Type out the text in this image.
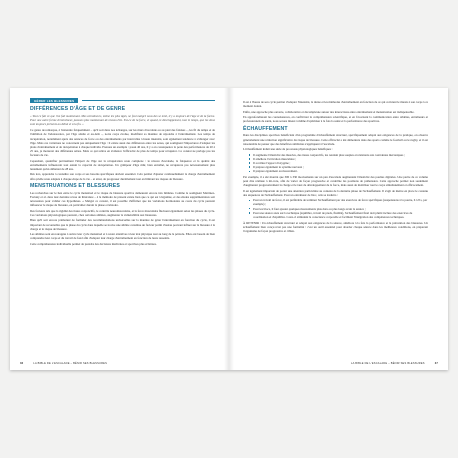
GÉRER LES BLESSURES
DIFFÉRENCES D'ÂGE ET DE GENRE

« Tout ce fait ce que l'on fait maintenant. Mes entraîneurs, même les plus âgés, ne font malgré nous des se miel, il y a toujours de l'âge et de la forme. Pour une autre forme d'entraîneur, passons plus maintenant de niveau être. Est-ce de la force, et quand, le développement, tout le temps, que les deux sont toujours présents au début et à la fin. »

Ce genre de remarque, à l'entendre fréquemment – qu'il soit dans nos échanges, sur les murs d'escalade ou au pied des falaises –, les fil du temps et de l'ambition de l'adolescence, par l'âge adulte et au-delà –, notre corps évolue, modifiant sa manière de répondre à l'entraînement. Les temps de récupération, notamment après des séances de force ou des entraînements par intervalles à haute intensité, sont également tendance à s'allonger avec l'âge. Mais ces variations ne concernent pas uniquement l'âge : il existe aussi des différences entre les sexes, qui soulignent l'importance d'adapter les plans d'entraînement et de récupération à chaque individu. Prenons un exemple : passé 40 ans, il y a en conséquence la perte des performances de 20 à 25 ans, je monterai des différentes séries. Mais ce qui relève en évidence l'efficacité de plus de temps pour récupérer. Ce constat ne parlage pas les facteurs de vie.

Cependant, quantifier précisément l'impact de l'âge sur la récupération reste complexe : le niveau d'escalade, la fréquence et la qualité des entraînements influencent tout autant la capacité de récupération. Un grimpeur d'âge mûr, bien entraîné, ne récupérera pas nécessairement plus lentement qu'un débutant de 28 ans.

Dès lors, apprendre à connaître son corps et ses besoins spécifiques devient essentiel. Cela permet d'ajuster continuellement la charge d'entraînement afin qu'elle reste adaptée à chaque étape de la vie – et ainsi, de progresser durablement tout en limitant les risques de blessure.

MENSTRUATIONS ET BLESSURES

Les recherches sur le lien entre le cycle menstruel et le risque de blessure sportive demeurent encore très limitées. Comme le soulignent Martinez-Fortuny et al. dans leur dernière revue de littérature – à la mémoire de présent existe bien que ce qui est à légumée, et des études supplémentaires soit nécessaires pour valider ces hypothèses. « Malgré ce constat, il est possible d'affirmer que les variations hormonales au cours du cycle peuvent influencer le risque de blessure, en particulier durant la phase ovulatoire.

Des facteurs tels que la rigidité des tissus conjonctifs, le contrôle neuromusculaire, et la force musculaire fluctuent également selon les phases du cycle. Ces variations physiologiques peuvent, chez certaines athlètes, augmenter la vulnérabilité aux blessures.

Bien qu'il soit encore prématuré de formuler des recommandations universelles sur la manière de gérer l'entraînement en fonction du cycle, il est important de reconnaître que la phase du cycle dans laquelle se trouve une athlète constitue un facteur parmi d'autres pouvant influer sur la blessure à la charge et le risque de blessure.

Les athlètes sont encouragées à suivre leur cycle menstruel et à rester attentives à leur état physique tout au long de la période. Elles ont besoin de bien comprendre leur corps et du travail de fond afin d'adapter leur charge d'entraînement en fonction de leurs ressentis.

Cette compréhension individuelle permet de prendre des décisions médicales et sportives plus éclairées.

36	LA BIBLE DE L'ESCALADE – BÉNIR SES BLESSURES

Il est à l'heure de son cycle permet d'adapter l'intensité, la durée et les méthodes d'entraînement en fonction de ce qui convient le mieux à son corps à ce moment donné.

Enfin, une approche plus ouverte, collaborative et décomplexée autour des interactions entre entraînement et menstruation est indispensable.

En approfondissant les connaissances, en conflictant la compréhension scientifique, et en favorisant la communication entre athlètes, entraîneurs et professionnels de santé, nous serons mieux à même d'optimiser à la fois la santé et la performance des sportives.

ÉCHAUFFEMENT

Dans les disciplines sportives bénéficiant d'un programme d'échauffement structuré, spécifiquement adapté aux exigences de la pratique, on observe généralement une réduction significative du risque de blessure. Cette efficacité a été démontrée dans des sports comme le football ou le rugby, et il est raisonnable de penser que des bénéfices similaires s'appliquent à l'escalade.

L'échauffement induit une série de processus physiologiques bénéfiques :

Il augmente l'élasticité des muscles, des tissus conjonctifs, les rendant plus souples et résistants aux contraintes mécaniques ;
Il améliore l'activation musculaire ;
Il accélère l'apport d'oxygène ;
Il prépare également le système nerveux ;
Il prépare également au mouvement.

Par exemple, il a été montré que 300 à 330 mouvements sur un pan d'escalade augmentent l'élasticité des poulies digitales. Une partie de ce volume peut être réalisée à mi-voie, afin de varier de façon progressive et contrôlée les positions de préhension. Cette approche permet non seulement d'augmenter progressivement la charge et le taux de développement de la force, mais aussi de mobiliser tout le corps simultanément et efficacement.

Il est également important de porter une attention particulière au contenu de la dernière phase de l'échauffement. Il s'agit de mettre en place le contenu des séquences de l'échauffement. Pour un entraîneur de bloc, cela se traduira :

Pour un travail de force, il est préférable de terminer l'échauffement par des exercices de force spécifiques (suspensions à la poutre, 6 à 8 s, par exemple) ;
Pour les blocs, il faut ajouter quelques mouvements plus durs ou plus longs avant la séance ;
Pour une séance axée sur la technique (équilibre, travail de pieds, fluidité), l'échauffement final doit plutôt inclure des exercices de coordination et d'équilibre. Ceux-ci stimulent la conscience corporelle et facilitent l'intégration des compétences techniques.

À RETENIR : Un échauffement structuré et adapté aux exigences de la séance, améliore à la fois la performance et la prévention des blessures. Un échauffement bien conçu n'est pas une formalité : c'est un outil essentiel pour aborder chaque séance dans les meilleures conditions, en préparant l'organisme de façon progressive et ciblée.

LA BIBLE DE L'ESCALADE – BÉNIR SES BLESSURES	37
